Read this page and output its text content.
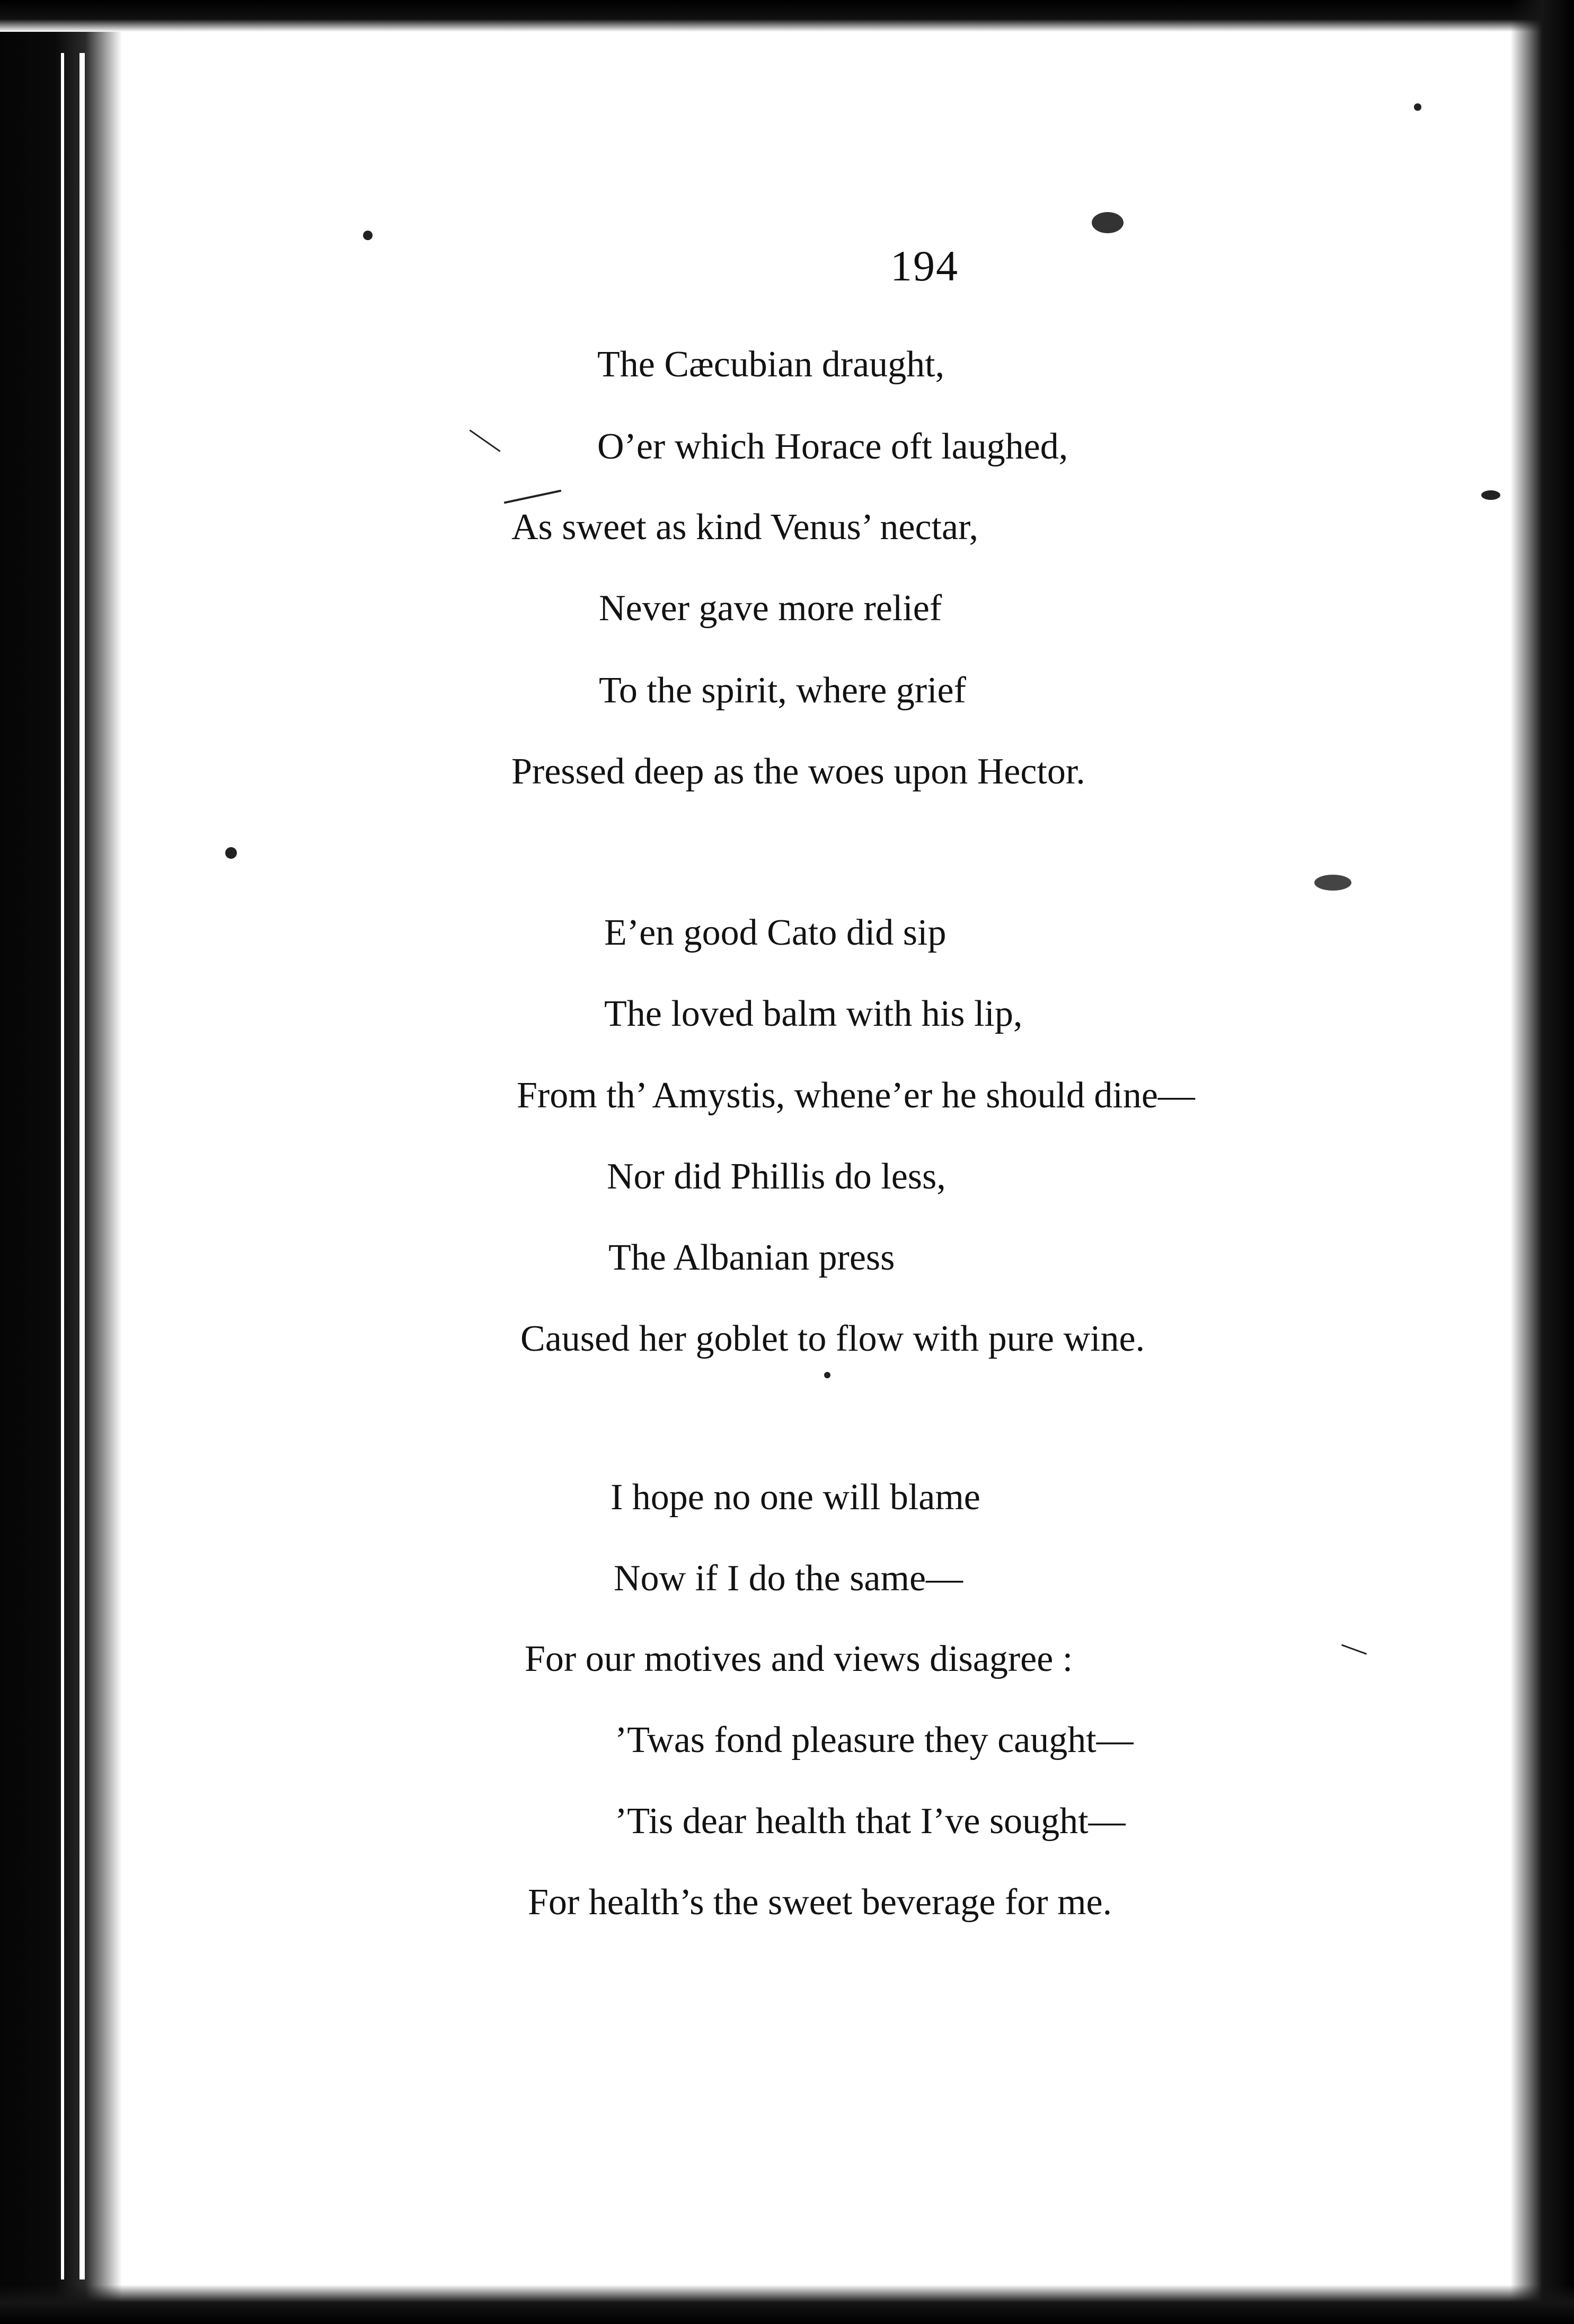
194
The Cæcubian draught,
O’er which Horace oft laughed,
As sweet as kind Venus’ nectar,
Never gave more relief
To the spirit, where grief
Pressed deep as the woes upon Hector.
E’en good Cato did sip
The loved balm with his lip,
From th’ Amystis, whene’er he should dine—
Nor did Phillis do less,
The Albanian press
Caused her goblet to flow with pure wine.
I hope no one will blame
Now if I do the same—
For our motives and views disagree :
’Twas fond pleasure they caught—
’Tis dear health that I’ve sought—
For health’s the sweet beverage for me.
